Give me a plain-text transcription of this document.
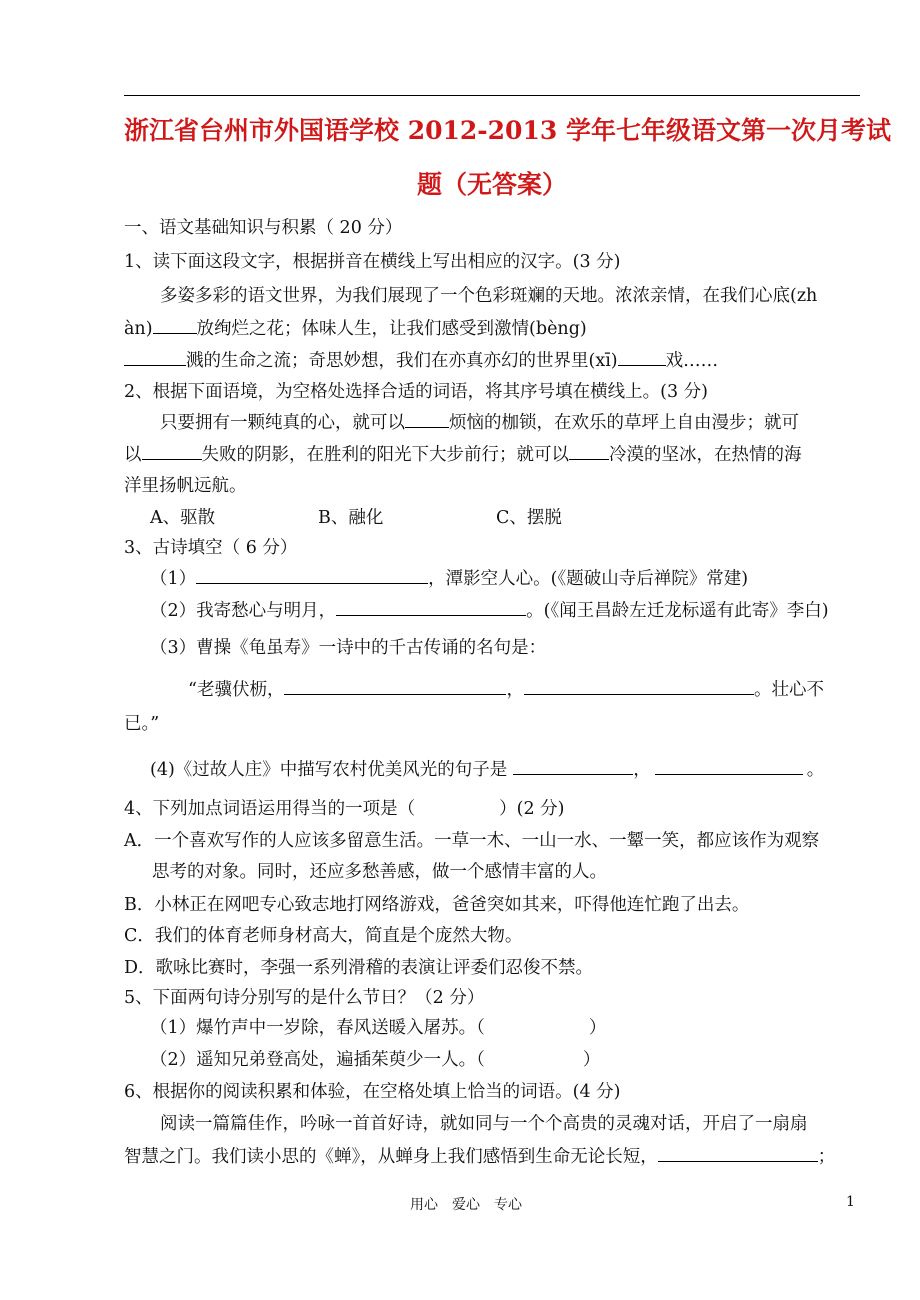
浙江省台州市外国语学校 2012-2013 学年七年级语文第一次月考试
题（无答案）
一、语文基础知识与积累（ 20 分）
1、读下面这段文字，根据拼音在横线上写出相应的汉字。(3 分)
多姿多彩的语文世界，为我们展现了一个色彩斑斓的天地。浓浓亲情，在我们心底(zh
àn)	放绚烂之花；体味人生，让我们感受到激情(bèng)
溅的生命之流；奇思妙想，我们在亦真亦幻的世界里(xī)	戏……
2、根据下面语境，为空格处选择合适的词语，将其序号填在横线上。(3 分)
只要拥有一颗纯真的心，就可以	烦恼的枷锁，在欢乐的草坪上自由漫步；就可
以	失败的阴影，在胜利的阳光下大步前行；就可以 冷漠的坚冰，在热情的海
洋里扬帆远航。
A、驱散	B、融化	C、摆脱
3、古诗填空（ 6 分）
（1）	，潭影空人心。(《题破山寺后禅院》常建)
（2）我寄愁心与明月，	。(《闻王昌龄左迁龙标遥有此寄》李白)
（3）曹操《龟虽寿》一诗中的千古传诵的名句是：
“老骥伏枥，	，	。壮心不
已。”
(4)《过故人庄》中描写农村优美风光的句子是	，	。
4、下列加点词语运用得当的一项是（	）(2 分)
A．一个喜欢写作的人应该多留意生活。一草一木、一山一水、一颦一笑，都应该作为观察
思考的对象。同时，还应多愁善感，做一个感情丰富的人。
B．小林正在网吧专心致志地打网络游戏，爸爸突如其来，吓得他连忙跑了出去。
C．我们的体育老师身材高大，简直是个庞然大物。
D．歌咏比赛时，李强一系列滑稽的表演让评委们忍俊不禁。
5、下面两句诗分别写的是什么节日？（2 分）
（1）爆竹声中一岁除，春风送暖入屠苏。（	）
（2）遥知兄弟登高处，遍插茱萸少一人。（	）
6、根据你的阅读积累和体验，在空格处填上恰当的词语。(4 分)
阅读一篇篇佳作，吟咏一首首好诗，就如同与一个个高贵的灵魂对话，开启了一扇扇
智慧之门。我们读小思的《蝉》，从蝉身上我们感悟到生命无论长短，	；
用心　爱心　专心	1
